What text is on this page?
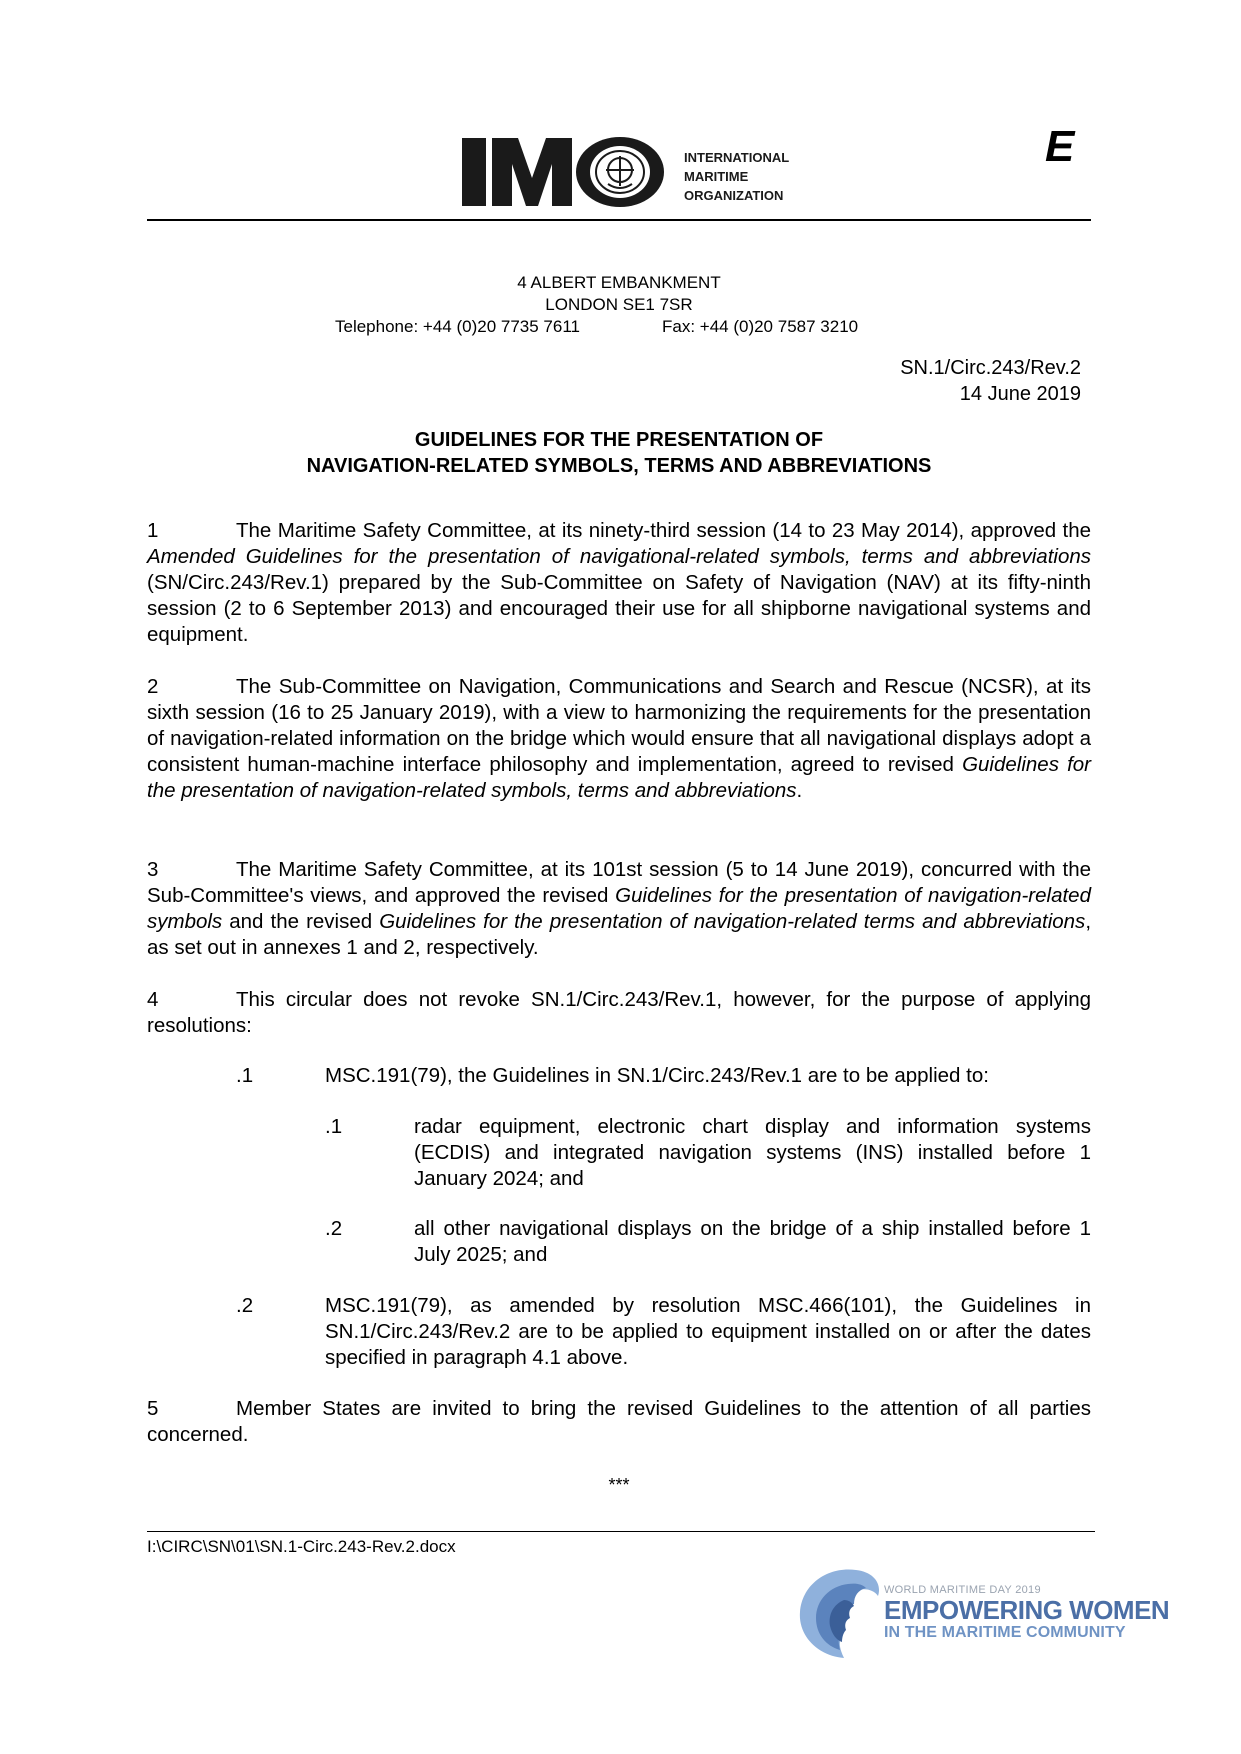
INTERNATIONAL
MARITIME
ORGANIZATION
E
4 ALBERT EMBANKMENT
LONDON SE1 7SR
Telephone: +44 (0)20 7735 7611	Fax: +44 (0)20 7587 3210
SN.1/Circ.243/Rev.2
14 June 2019
GUIDELINES FOR THE PRESENTATION OF
NAVIGATION-RELATED SYMBOLS, TERMS AND ABBREVIATIONS

1	The Maritime Safety Committee, at its ninety-third session (14 to 23 May 2014), approved the Amended Guidelines for the presentation of navigational-related symbols, terms and abbreviations (SN/Circ.243/Rev.1) prepared by the Sub-Committee on Safety of Navigation (NAV) at its fifty-ninth session (2 to 6 September 2013) and encouraged their use for all shipborne navigational systems and equipment.

2	The Sub-Committee on Navigation, Communications and Search and Rescue (NCSR), at its sixth session (16 to 25 January 2019), with a view to harmonizing the requirements for the presentation of navigation-related information on the bridge which would ensure that all navigational displays adopt a consistent human-machine interface philosophy and implementation, agreed to revised Guidelines for the presentation of navigation-related symbols, terms and abbreviations.

3	The Maritime Safety Committee, at its 101st session (5 to 14 June 2019), concurred with the Sub-Committee's views, and approved the revised Guidelines for the presentation of navigation-related symbols and the revised Guidelines for the presentation of navigation-related terms and abbreviations, as set out in annexes 1 and 2, respectively.

4	This circular does not revoke SN.1/Circ.243/Rev.1, however, for the purpose of applying resolutions:

.1	MSC.191(79), the Guidelines in SN.1/Circ.243/Rev.1 are to be applied to:
.1	radar equipment, electronic chart display and information systems (ECDIS) and integrated navigation systems (INS) installed before 1 January 2024; and
.2	all other navigational displays on the bridge of a ship installed before 1 July 2025; and
.2	MSC.191(79), as amended by resolution MSC.466(101), the Guidelines in SN.1/Circ.243/Rev.2 are to be applied to equipment installed on or after the dates specified in paragraph 4.1 above.

5	Member States are invited to bring the revised Guidelines to the attention of all parties concerned.

***
I:\CIRC\SN\01\SN.1-Circ.243-Rev.2.docx
WORLD MARITIME DAY 2019
EMPOWERING WOMEN
IN THE MARITIME COMMUNITY
